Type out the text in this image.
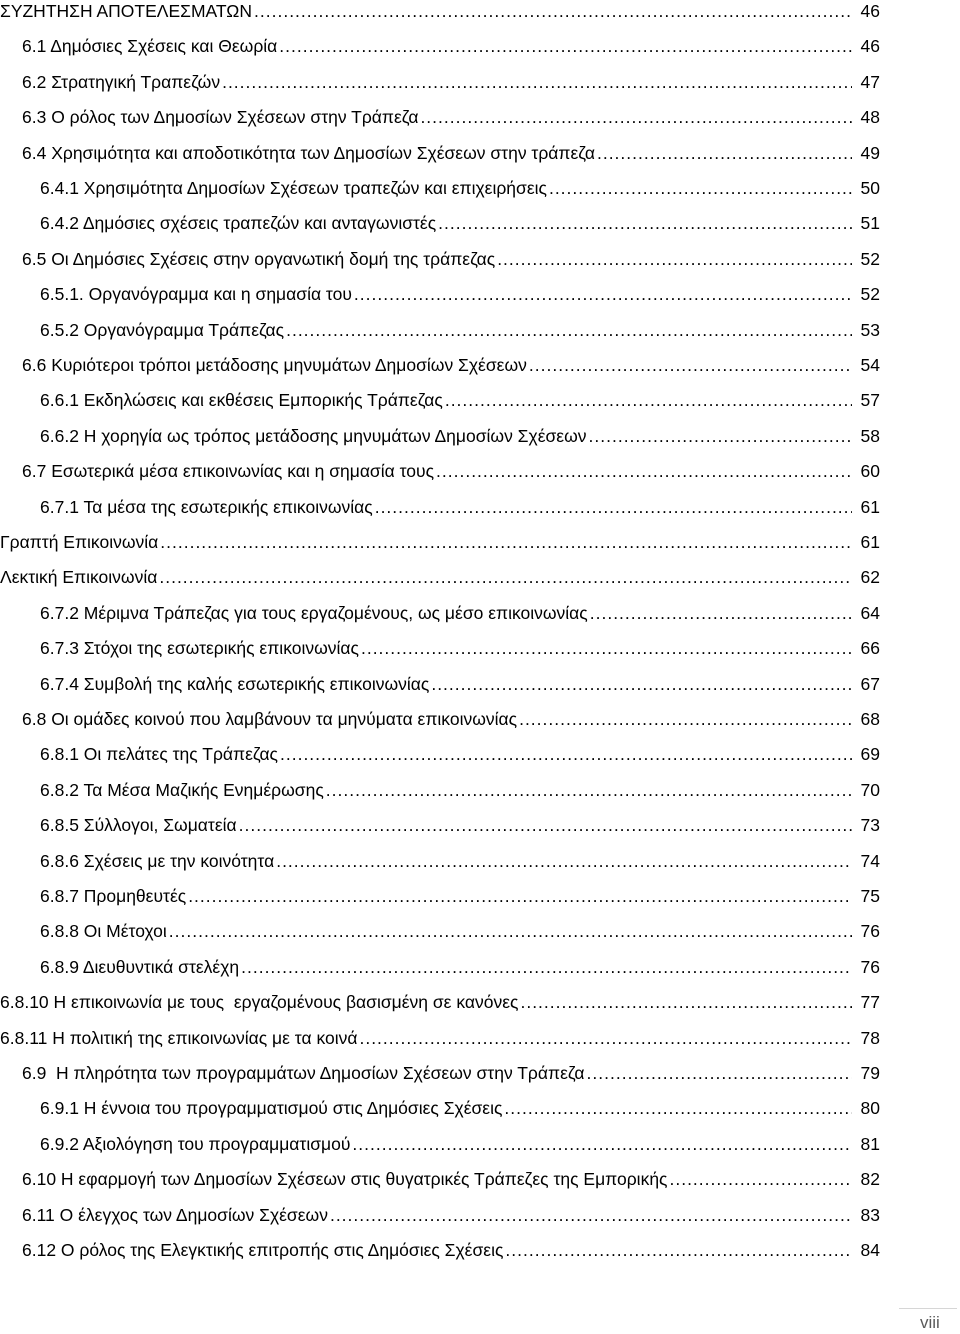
ΣΥΖΗΤΗΣΗ ΑΠΟΤΕΛΕΣΜΑΤΩΝ .....	46
6.1 Δημόσιες Σχέσεις και Θεωρία .....	46
6.2 Στρατηγική Τραπεζών .....	47
6.3 Ο ρόλος των Δημοσίων Σχέσεων στην Τράπεζα .....	48
6.4 Χρησιμότητα και αποδοτικότητα των Δημοσίων Σχέσεων στην τράπεζα .....	49
6.4.1 Χρησιμότητα Δημοσίων Σχέσεων τραπεζών και επιχειρήσεις .....	50
6.4.2 Δημόσιες σχέσεις τραπεζών και ανταγωνιστές .....	51
6.5 Οι Δημόσιες Σχέσεις στην οργανωτική δομή της τράπεζας .....	52
6.5.1. Οργανόγραμμα και η σημασία του .....	52
6.5.2 Οργανόγραμμα Τράπεζας .....	53
6.6 Κυριότεροι τρόποι μετάδοσης μηνυμάτων Δημοσίων Σχέσεων .....	54
6.6.1 Εκδηλώσεις και εκθέσεις Εμπορικής Τράπεζας .....	57
6.6.2 Η χορηγία ως τρόπος μετάδοσης μηνυμάτων Δημοσίων Σχέσεων .....	58
6.7 Εσωτερικά μέσα επικοινωνίας και η σημασία τους .....	60
6.7.1 Τα μέσα της εσωτερικής επικοινωνίας .....	61
Γραπτή Επικοινωνία .....	61
Λεκτική Επικοινωνία .....	62
6.7.2 Μέριμνα Τράπεζας για τους εργαζομένους, ως μέσο επικοινωνίας .....	64
6.7.3 Στόχοι της εσωτερικής επικοινωνίας .....	66
6.7.4 Συμβολή της καλής εσωτερικής επικοινωνίας .....	67
6.8 Οι ομάδες κοινού που λαμβάνουν τα μηνύματα επικοινωνίας .....	68
6.8.1 Οι πελάτες της Τράπεζας .....	69
6.8.2 Τα Μέσα Μαζικής Ενημέρωσης .....	70
6.8.5 Σύλλογοι, Σωματεία .....	73
6.8.6 Σχέσεις με την κοινότητα .....	74
6.8.7 Προμηθευτές .....	75
6.8.8 Οι Μέτοχοι .....	76
6.8.9 Διευθυντικά στελέχη .....	76
6.8.10 Η επικοινωνία με τους  εργαζομένους βασισμένη σε κανόνες .....	77
6.8.11 Η πολιτική της επικοινωνίας με τα κοινά .....	78
6.9  Η πληρότητα των προγραμμάτων Δημοσίων Σχέσεων στην Τράπεζα .....	79
6.9.1 Η έννοια του προγραμματισμού στις Δημόσιες Σχέσεις .....	80
6.9.2 Αξιολόγηση του προγραμματισμού .....	81
6.10 Η εφαρμογή των Δημοσίων Σχέσεων στις θυγατρικές Τράπεζες της Εμπορικής .....	82
6.11 Ο έλεγχος των Δημοσίων Σχέσεων .....	83
6.12 Ο ρόλος της Ελεγκτικής επιτροπής στις Δημόσιες Σχέσεις .....	84
viii
